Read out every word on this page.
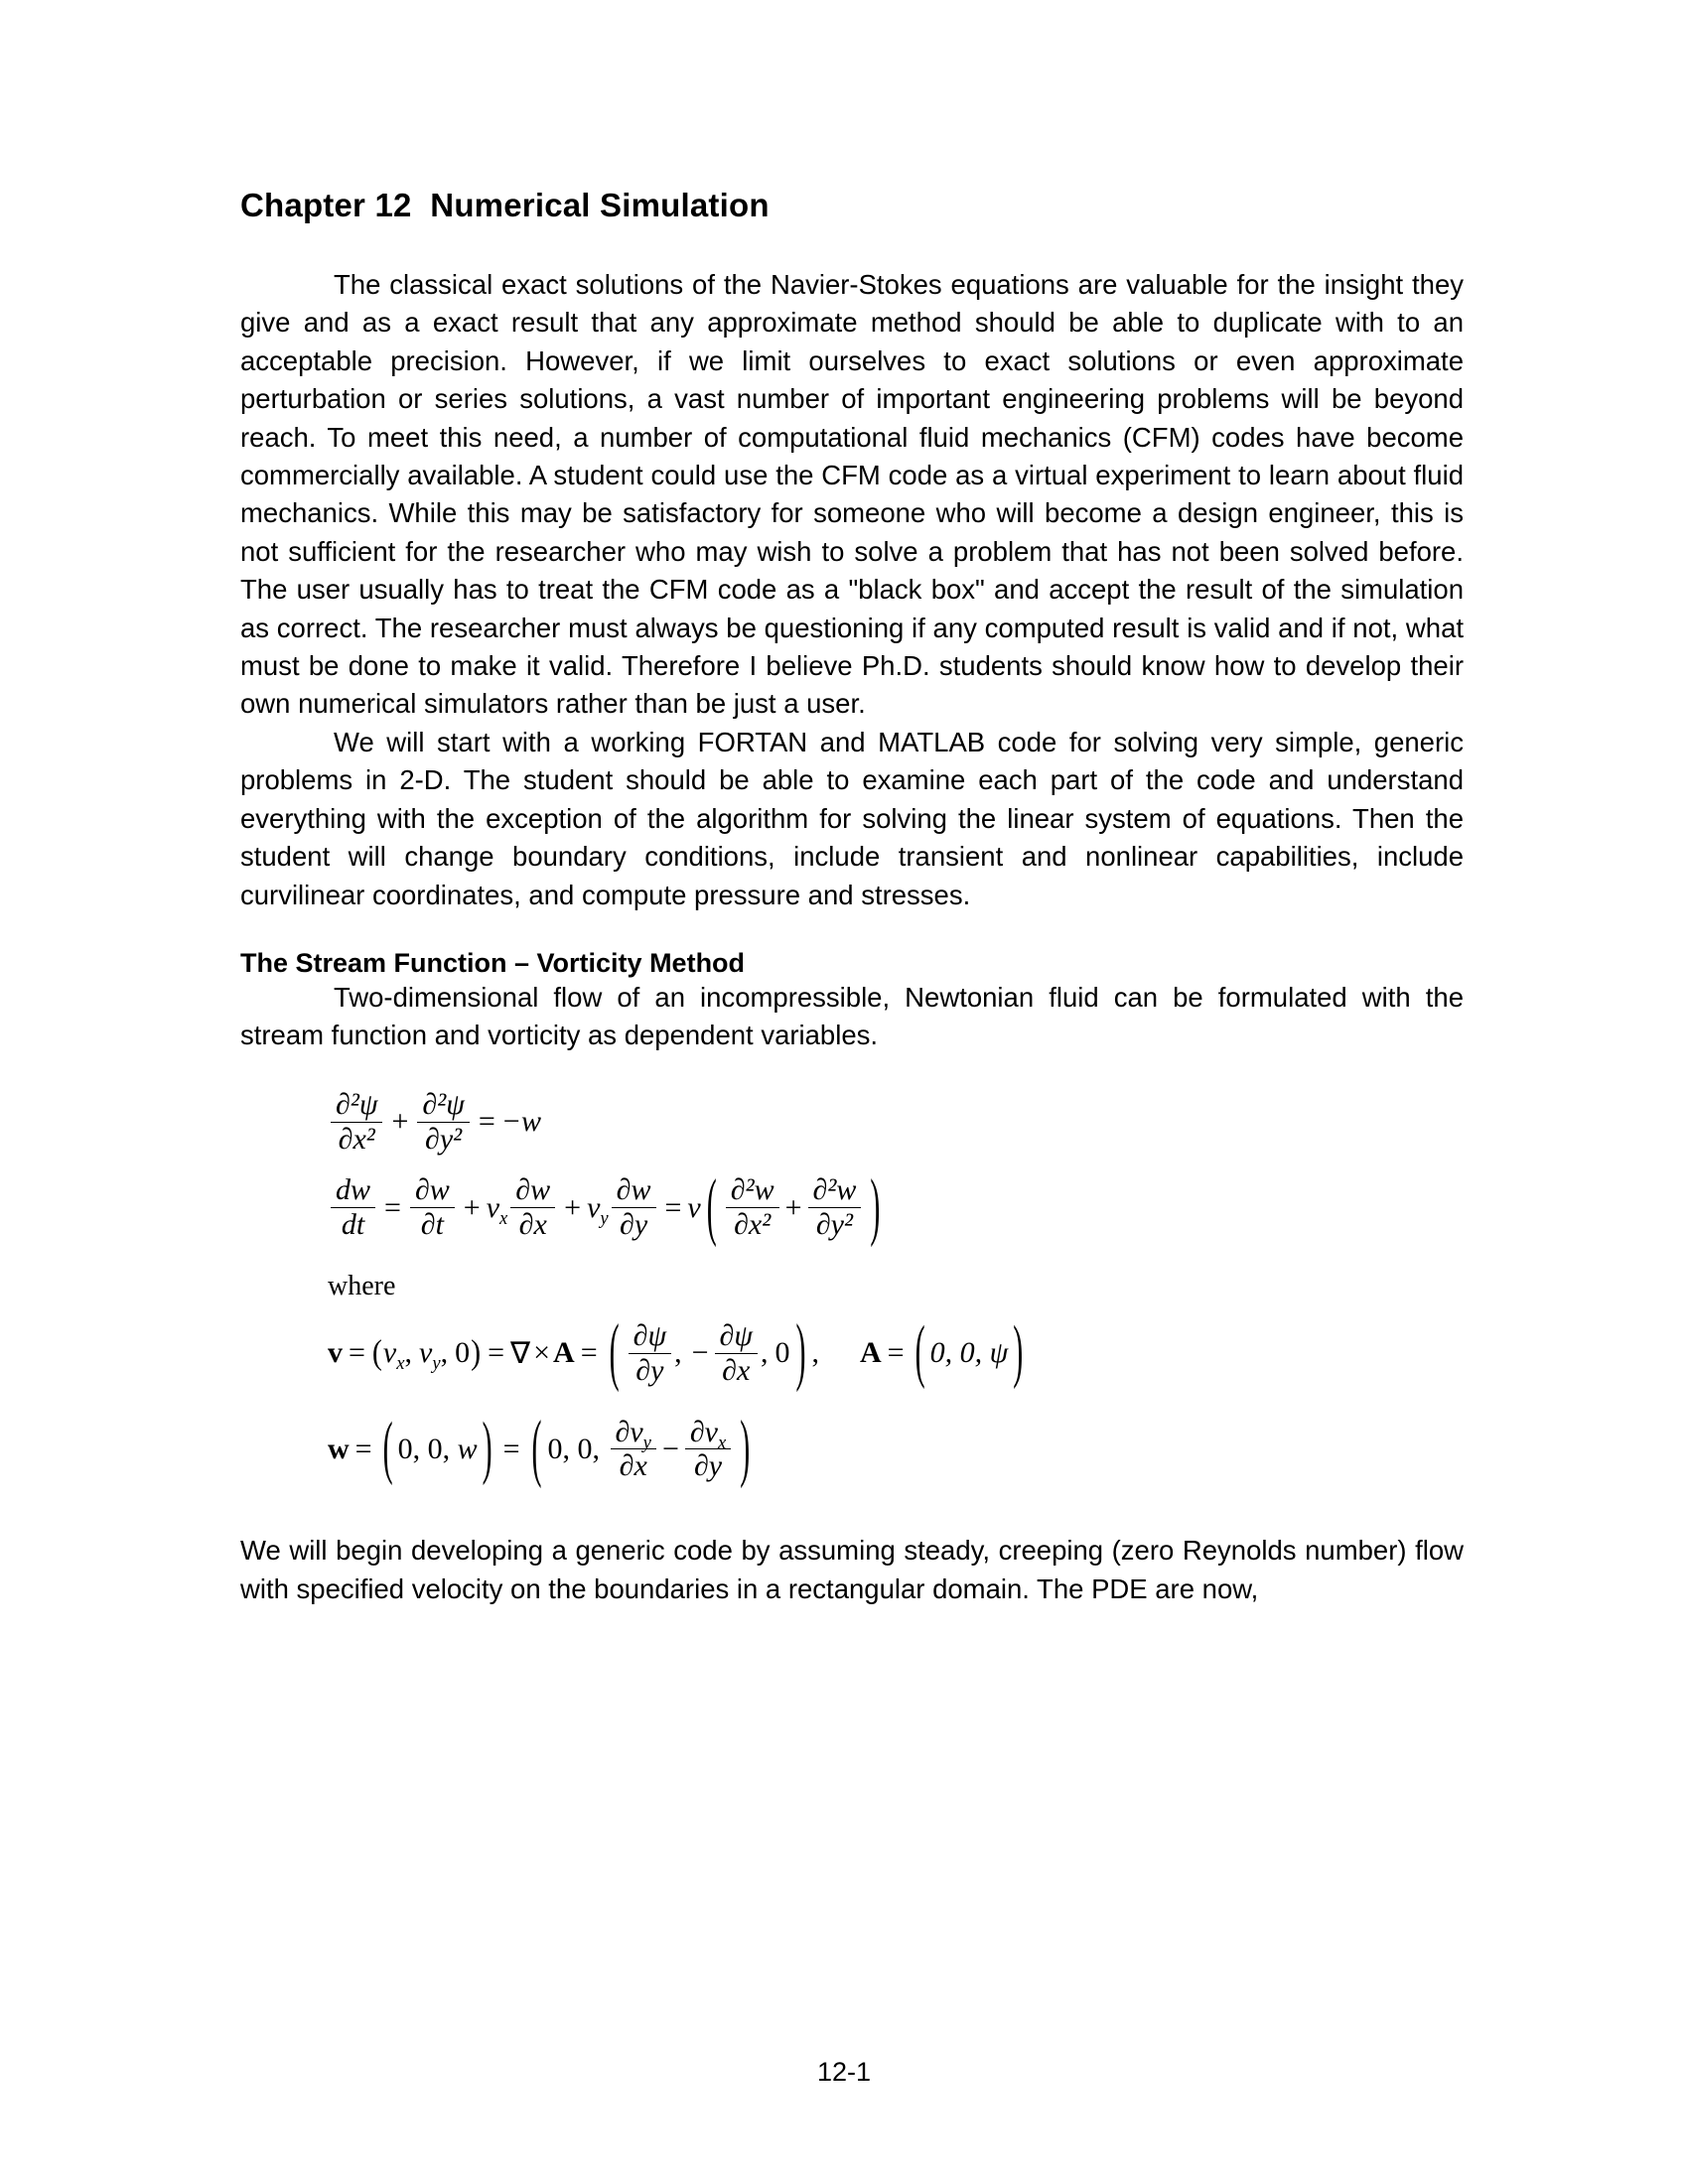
Chapter 12  Numerical Simulation

The classical exact solutions of the Navier-Stokes equations are valuable for the insight they give and as a exact result that any approximate method should be able to duplicate with to an acceptable precision. However, if we limit ourselves to exact solutions or even approximate perturbation or series solutions, a vast number of important engineering problems will be beyond reach. To meet this need, a number of computational fluid mechanics (CFM) codes have become commercially available. A student could use the CFM code as a virtual experiment to learn about fluid mechanics. While this may be satisfactory for someone who will become a design engineer, this is not sufficient for the researcher who may wish to solve a problem that has not been solved before. The user usually has to treat the CFM code as a "black box" and accept the result of the simulation as correct. The researcher must always be questioning if any computed result is valid and if not, what must be done to make it valid. Therefore I believe Ph.D. students should know how to develop their own numerical simulators rather than be just a user.

We will start with a working FORTAN and MATLAB code for solving very simple, generic problems in 2-D. The student should be able to examine each part of the code and understand everything with the exception of the algorithm for solving the linear system of equations. Then the student will change boundary conditions, include transient and nonlinear capabilities, include curvilinear coordinates, and compute pressure and stresses.

The Stream Function – Vorticity Method

Two-dimensional flow of an incompressible, Newtonian fluid can be formulated with the stream function and vorticity as dependent variables.

$\frac{\text{∂²ψ}}{\text{∂x²}} + \frac{\text{∂²ψ}}{\text{∂y²}} = -w$
$\frac{dw}{dt} = \frac{\partial w}{\partial t} + v_x \frac{\partial w}{\partial x} + v_y \frac{\partial w}{\partial y} = \nu$ ( $\frac{\text{∂²w}}{\text{∂x²}} + \frac{\text{∂²w}}{\text{∂y²}}$ )
where
v = ( $v_x$ , $v_y$ , 0 ) = ∇ × A = ( $\frac{\partial\psi}{\partial y}$ , − $\frac{\partial\psi}{\partial x}$ , 0 ) , A = ( 0, 0, ψ )
w = ( 0, 0,
w ) = ( 0, 0,
$\frac{\partial v_y}{\partial x} - \frac{\partial v_x}{\partial y}$ )

We will begin developing a generic code by assuming steady, creeping (zero Reynolds number) flow with specified velocity on the boundaries in a rectangular domain. The PDE are now,

12-1
